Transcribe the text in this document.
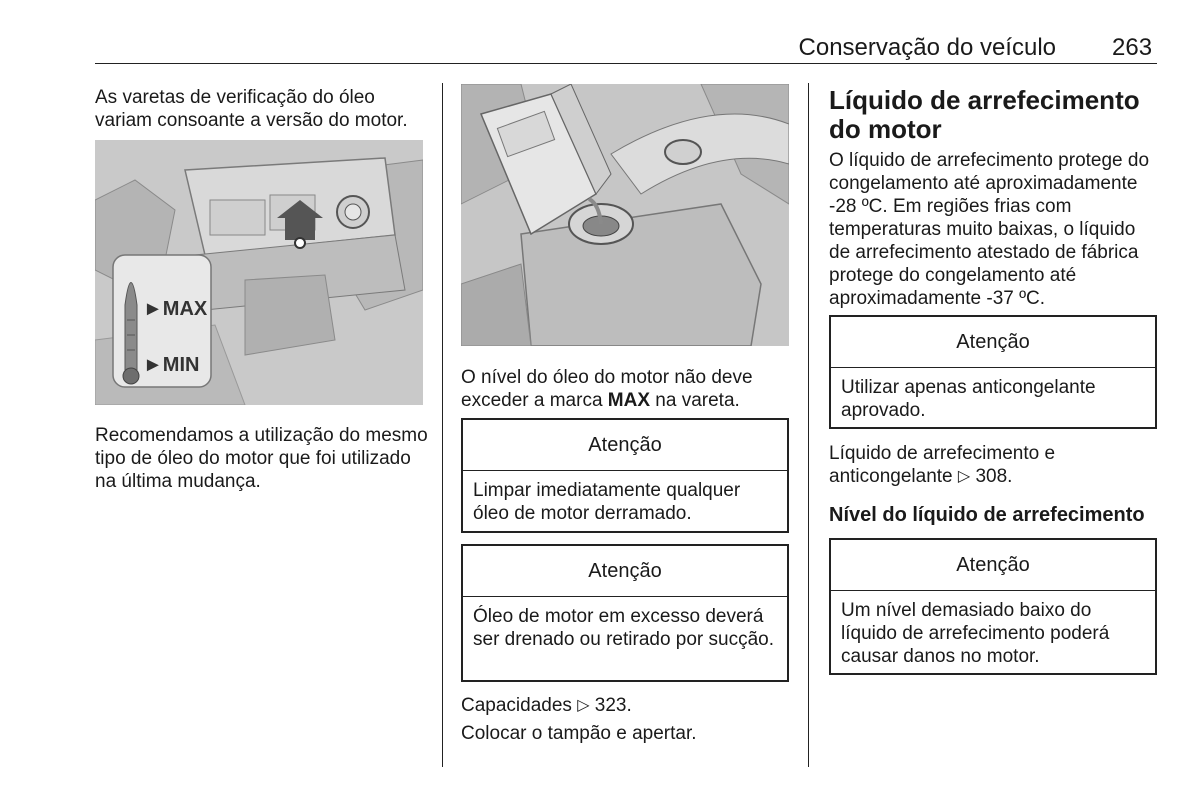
Conservação do veículo 263
As varetas de verificação do óleo variam consoante a versão do motor.
►MAX
►MIN
Recomendamos a utilização do mesmo tipo de óleo do motor que foi utilizado na última mudança.
O nível do óleo do motor não deve exceder a marca MAX na vareta.
Atenção
Limpar imediatamente qualquer óleo de motor derramado.
Atenção
Óleo de motor em excesso deverá ser drenado ou retirado por sucção.
Capacidades ▷ 323.
Colocar o tampão e apertar.
Líquido de arrefecimento do motor
O líquido de arrefecimento protege do congelamento até aproximadamente -28 ºC. Em regiões frias com temperaturas muito baixas, o líquido de arrefecimento atestado de fábrica protege do congelamento até aproximadamente -37 ºC.
Atenção
Utilizar apenas anticongelante aprovado.
Líquido de arrefecimento e anticongelante ▷ 308.
Nível do líquido de arrefecimento
Atenção
Um nível demasiado baixo do líquido de arrefecimento poderá causar danos no motor.
